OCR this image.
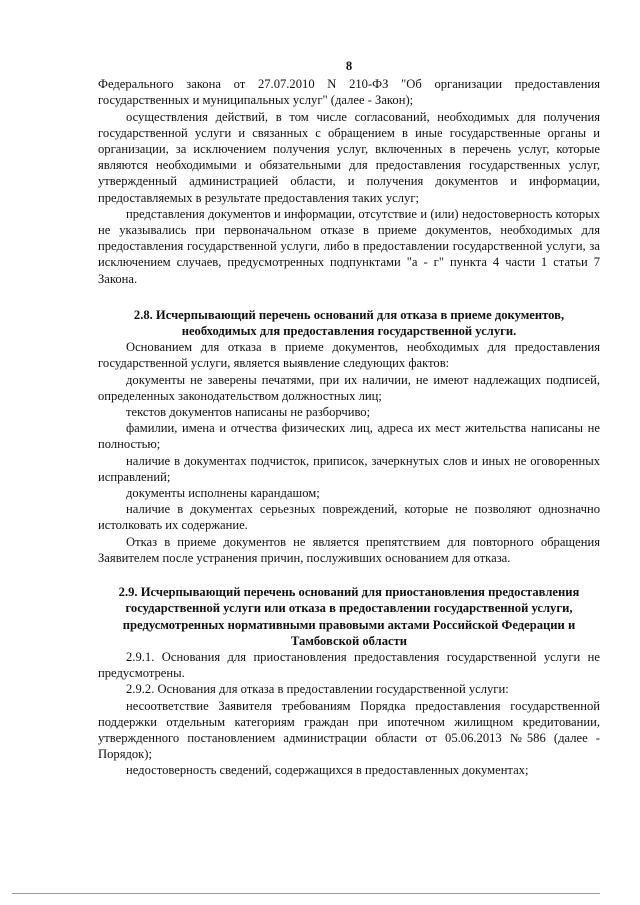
8

Федерального закона от 27.07.2010 N 210-ФЗ "Об организации предоставления государственных и муниципальных услуг" (далее - Закон);

осуществления действий, в том числе согласований, необходимых для получения государственной услуги и связанных с обращением в иные государственные органы и организации, за исключением получения услуг, включенных в перечень услуг, которые являются необходимыми и обязательными для предоставления государственных услуг, утвержденный администрацией области, и получения документов и информации, предоставляемых в результате предоставления таких услуг;

представления документов и информации, отсутствие и (или) недостоверность которых не указывались при первоначальном отказе в приеме документов, необходимых для предоставления государственной услуги, либо в предоставлении государственной услуги, за исключением случаев, предусмотренных подпунктами "а - г" пункта 4 части 1 статьи 7 Закона.

2.8. Исчерпывающий перечень оснований для отказа в приеме документов, необходимых для предоставления государственной услуги.

Основанием для отказа в приеме документов, необходимых для предоставления государственной услуги, является выявление следующих фактов:

документы не заверены печатями, при их наличии, не имеют надлежащих подписей, определенных законодательством должностных лиц;

текстов документов написаны не разборчиво;

фамилии, имена и отчества физических лиц, адреса их мест жительства написаны не полностью;

наличие в документах подчисток, приписок, зачеркнутых слов и иных не оговоренных исправлений;

документы исполнены карандашом;

наличие в документах серьезных повреждений, которые не позволяют однозначно истолковать их содержание.

Отказ в приеме документов не является препятствием для повторного обращения Заявителем после устранения причин, послуживших основанием для отказа.

2.9. Исчерпывающий перечень оснований для приостановления предоставления государственной услуги или отказа в предоставлении государственной услуги, предусмотренных нормативными правовыми актами Российской Федерации и Тамбовской области

2.9.1. Основания для приостановления предоставления государственной услуги не предусмотрены.

2.9.2. Основания для отказа в предоставлении государственной услуги:

несоответствие Заявителя требованиям Порядка предоставления государственной поддержки отдельным категориям граждан при ипотечном жилищном кредитовании, утвержденного постановлением администрации области от 05.06.2013 №586 (далее - Порядок);

недостоверность сведений, содержащихся в предоставленных документах;
